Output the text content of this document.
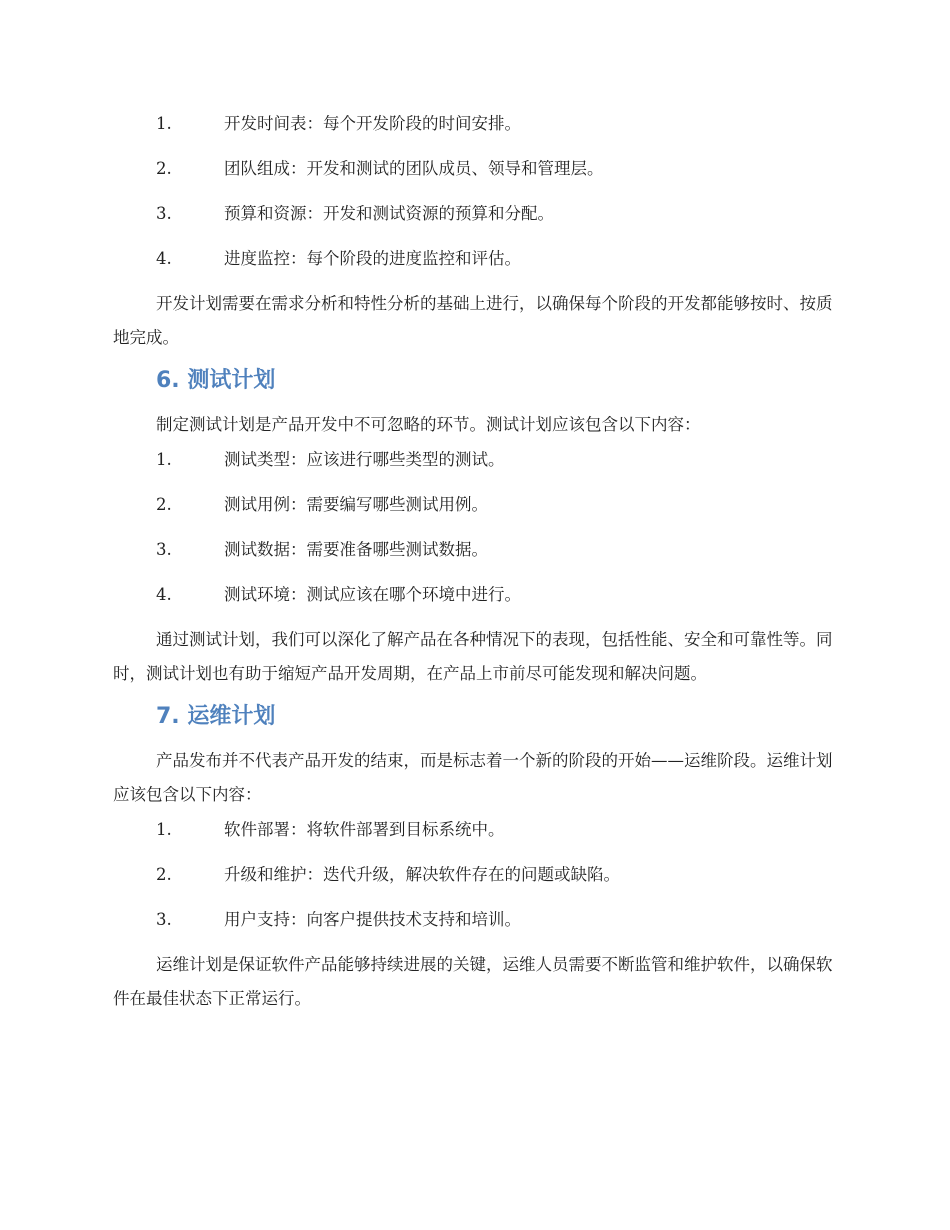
1.	开发时间表：每个开发阶段的时间安排。
2.	团队组成：开发和测试的团队成员、领导和管理层。
3.	预算和资源：开发和测试资源的预算和分配。
4.	进度监控：每个阶段的进度监控和评估。

开发计划需要在需求分析和特性分析的基础上进行，以确保每个阶段的开发都能够按时、按质地完成。

6. 测试计划

制定测试计划是产品开发中不可忽略的环节。测试计划应该包含以下内容：

1.	测试类型：应该进行哪些类型的测试。
2.	测试用例：需要编写哪些测试用例。
3.	测试数据：需要准备哪些测试数据。
4.	测试环境：测试应该在哪个环境中进行。

通过测试计划，我们可以深化了解产品在各种情况下的表现，包括性能、安全和可靠性等。同时，测试计划也有助于缩短产品开发周期，在产品上市前尽可能发现和解决问题。

7. 运维计划

产品发布并不代表产品开发的结束，而是标志着一个新的阶段的开始——运维阶段。运维计划应该包含以下内容：

1.	软件部署：将软件部署到目标系统中。
2.	升级和维护：迭代升级，解决软件存在的问题或缺陷。
3.	用户支持：向客户提供技术支持和培训。

运维计划是保证软件产品能够持续进展的关键，运维人员需要不断监管和维护软件，以确保软件在最佳状态下正常运行。
